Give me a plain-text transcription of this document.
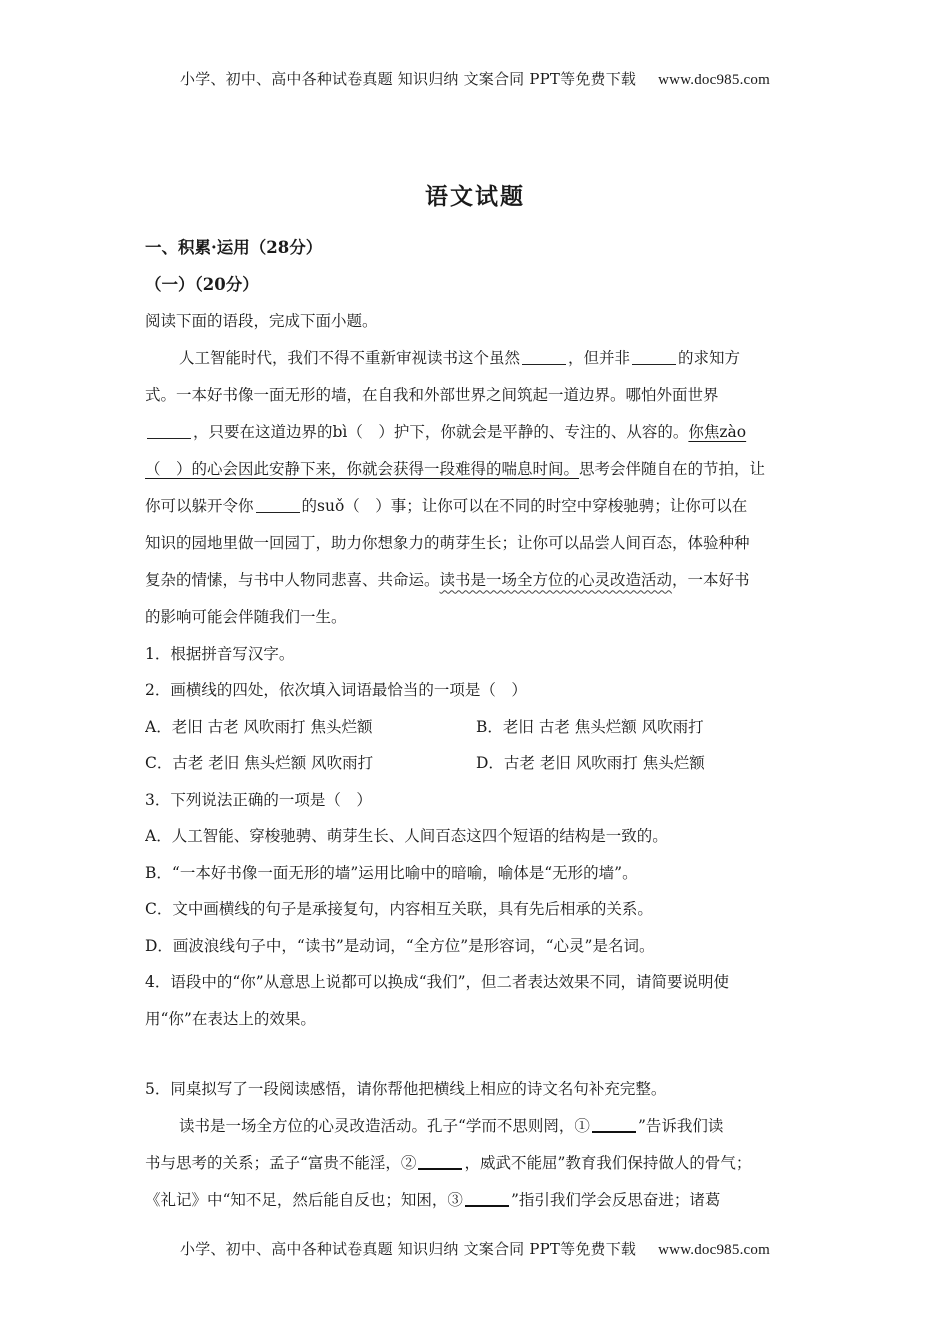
小学、初中、高中各种试卷真题 知识归纳 文案合同 PPT等免费下载 www.doc985.com
语文试题
一、积累·运用（28分）
（一）（20分）
阅读下面的语段，完成下面小题。
人工智能时代，我们不得不重新审视读书这个虽然	，但并非	的求知方
式。一本好书像一面无形的墙，在自我和外部世界之间筑起一道边界。哪怕外面世界
，只要在这道边界的bì（　）护下，你就会是平静的、专注的、从容的。你焦zào
（　）的心会因此安静下来，你就会获得一段难得的喘息时间。思考会伴随自在的节拍，让
你可以躲开令你	的suǒ（　）事；让你可以在不同的时空中穿梭驰骋；让你可以在
知识的园地里做一回园丁，助力你想象力的萌芽生长；让你可以品尝人间百态，体验种种
复杂的情愫，与书中人物同悲喜、共命运。读书是一场全方位的心灵改造活动，一本好书
的影响可能会伴随我们一生。
1．根据拼音写汉字。
2．画横线的四处，依次填入词语最恰当的一项是（　）
A．老旧 古老 风吹雨打 焦头烂额	B．老旧 古老 焦头烂额 风吹雨打
C．古老 老旧 焦头烂额 风吹雨打	D．古老 老旧 风吹雨打 焦头烂额
3．下列说法正确的一项是（　）
A．人工智能、穿梭驰骋、萌芽生长、人间百态这四个短语的结构是一致的。
B．“一本好书像一面无形的墙”运用比喻中的暗喻，喻体是“无形的墙”。
C．文中画横线的句子是承接复句，内容相互关联，具有先后相承的关系。
D．画波浪线句子中，“读书”是动词，“全方位”是形容词，“心灵”是名词。
4．语段中的“你”从意思上说都可以换成“我们”，但二者表达效果不同，请简要说明使
用“你”在表达上的效果。
5．同桌拟写了一段阅读感悟，请你帮他把横线上相应的诗文名句补充完整。
读书是一场全方位的心灵改造活动。孔子“学而不思则罔，①	”告诉我们读
书与思考的关系；孟子“富贵不能淫，②	，威武不能屈”教育我们保持做人的骨气；
《礼记》中“知不足，然后能自反也；知困，③	”指引我们学会反思奋进；诸葛
小学、初中、高中各种试卷真题 知识归纳 文案合同 PPT等免费下载 www.doc985.com
